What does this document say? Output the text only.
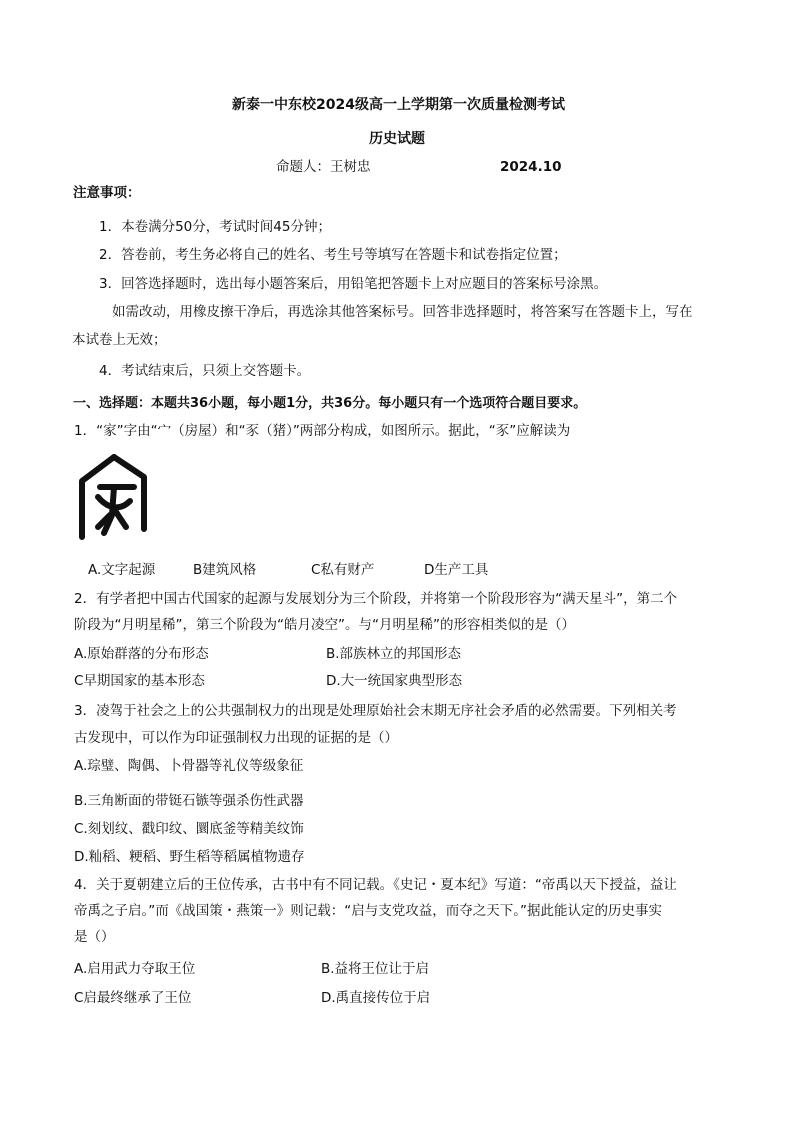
新泰一中东校2024级高一上学期第一次质量检测考试
历史试题
命题人：王树忠	2024.10
注意事项：
1．本卷满分50分，考试时间45分钟；
2．答卷前，考生务必将自己的姓名、考生号等填写在答题卡和试卷指定位置；
3．回答选择题时，选出每小题答案后，用铅笔把答题卡上对应题目的答案标号涂黑。
如需改动，用橡皮擦干净后，再选涂其他答案标号。回答非选择题时，将答案写在答题卡上，写在
本试卷上无效；
4．考试结束后，只须上交答题卡。
一、选择题：本题共36小题，每小题1分，共36分。每小题只有一个选项符合题目要求。
1．“家”字由“宀（房屋）和“豕（猪）”两部分构成，如图所示。据此，“豕”应解读为
A.文字起源	B建筑风格	C私有财产	D生产工具
2．有学者把中国古代国家的起源与发展划分为三个阶段，并将第一个阶段形容为“满天星斗”，第二个
阶段为“月明星稀”，第三个阶段为“皓月凌空”。与“月明星稀”的形容相类似的是（）
A.原始群落的分布形态	B.部族林立的邦国形态
C早期国家的基本形态	D.大一统国家典型形态
3．凌驾于社会之上的公共强制权力的出现是处理原始社会末期无序社会矛盾的必然需要。下列相关考
古发现中，可以作为印证强制权力出现的证据的是（）
A.琮璧、陶偶、卜骨器等礼仪等级象征
B.三角断面的带铤石镞等强杀伤性武器
C.刻划纹、戳印纹、圜底釜等精美纹饰
D.籼稻、粳稻、野生稻等稻属植物遗存
4．关于夏朝建立后的王位传承，古书中有不同记载。《史记・夏本纪》写道：“帝禹以天下授益，益让
帝禹之子启。”而《战国策・燕策一》则记载：“启与支党攻益，而夺之天下。”据此能认定的历史事实
是（）
A.启用武力夺取王位	B.益将王位让于启
C启最终继承了王位	D.禹直接传位于启
